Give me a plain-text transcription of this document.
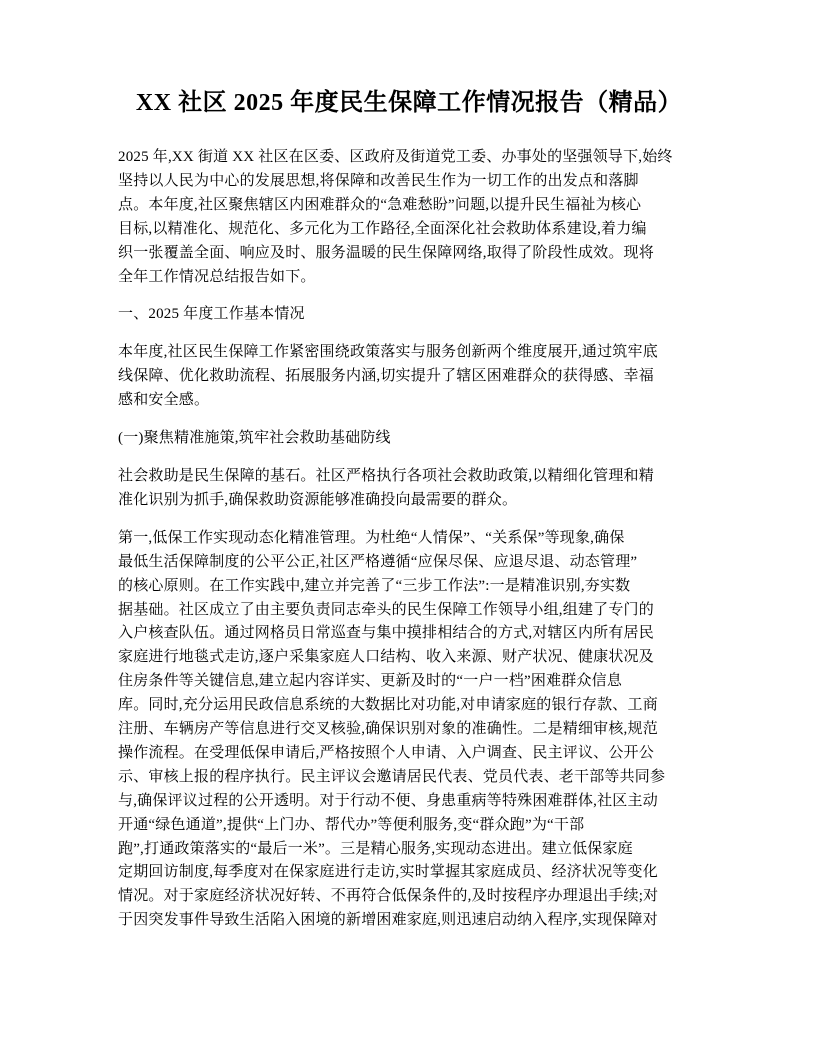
XX 社区 2025 年度民生保障工作情况报告（精品）
2025 年,XX 街道 XX 社区在区委、区政府及街道党工委、办事处的坚强领导下,始终
坚持以人民为中心的发展思想,将保障和改善民生作为一切工作的出发点和落脚
点。本年度,社区聚焦辖区内困难群众的“急难愁盼”问题,以提升民生福祉为核心
目标,以精准化、规范化、多元化为工作路径,全面深化社会救助体系建设,着力编
织一张覆盖全面、响应及时、服务温暖的民生保障网络,取得了阶段性成效。现将
全年工作情况总结报告如下。
一、2025 年度工作基本情况
本年度,社区民生保障工作紧密围绕政策落实与服务创新两个维度展开,通过筑牢底
线保障、优化救助流程、拓展服务内涵,切实提升了辖区困难群众的获得感、幸福
感和安全感。
(一)聚焦精准施策,筑牢社会救助基础防线
社会救助是民生保障的基石。社区严格执行各项社会救助政策,以精细化管理和精
准化识别为抓手,确保救助资源能够准确投向最需要的群众。
第一,低保工作实现动态化精准管理。为杜绝“人情保”、“关系保”等现象,确保
最低生活保障制度的公平公正,社区严格遵循“应保尽保、应退尽退、动态管理”
的核心原则。在工作实践中,建立并完善了“三步工作法”:一是精准识别,夯实数
据基础。社区成立了由主要负责同志牵头的民生保障工作领导小组,组建了专门的
入户核查队伍。通过网格员日常巡查与集中摸排相结合的方式,对辖区内所有居民
家庭进行地毯式走访,逐户采集家庭人口结构、收入来源、财产状况、健康状况及
住房条件等关键信息,建立起内容详实、更新及时的“一户一档”困难群众信息
库。同时,充分运用民政信息系统的大数据比对功能,对申请家庭的银行存款、工商
注册、车辆房产等信息进行交叉核验,确保识别对象的准确性。二是精细审核,规范
操作流程。在受理低保申请后,严格按照个人申请、入户调查、民主评议、公开公
示、审核上报的程序执行。民主评议会邀请居民代表、党员代表、老干部等共同参
与,确保评议过程的公开透明。对于行动不便、身患重病等特殊困难群体,社区主动
开通“绿色通道”,提供“上门办、帮代办”等便利服务,变“群众跑”为“干部
跑”,打通政策落实的“最后一米”。三是精心服务,实现动态进出。建立低保家庭
定期回访制度,每季度对在保家庭进行走访,实时掌握其家庭成员、经济状况等变化
情况。对于家庭经济状况好转、不再符合低保条件的,及时按程序办理退出手续;对
于因突发事件导致生活陷入困境的新增困难家庭,则迅速启动纳入程序,实现保障对
